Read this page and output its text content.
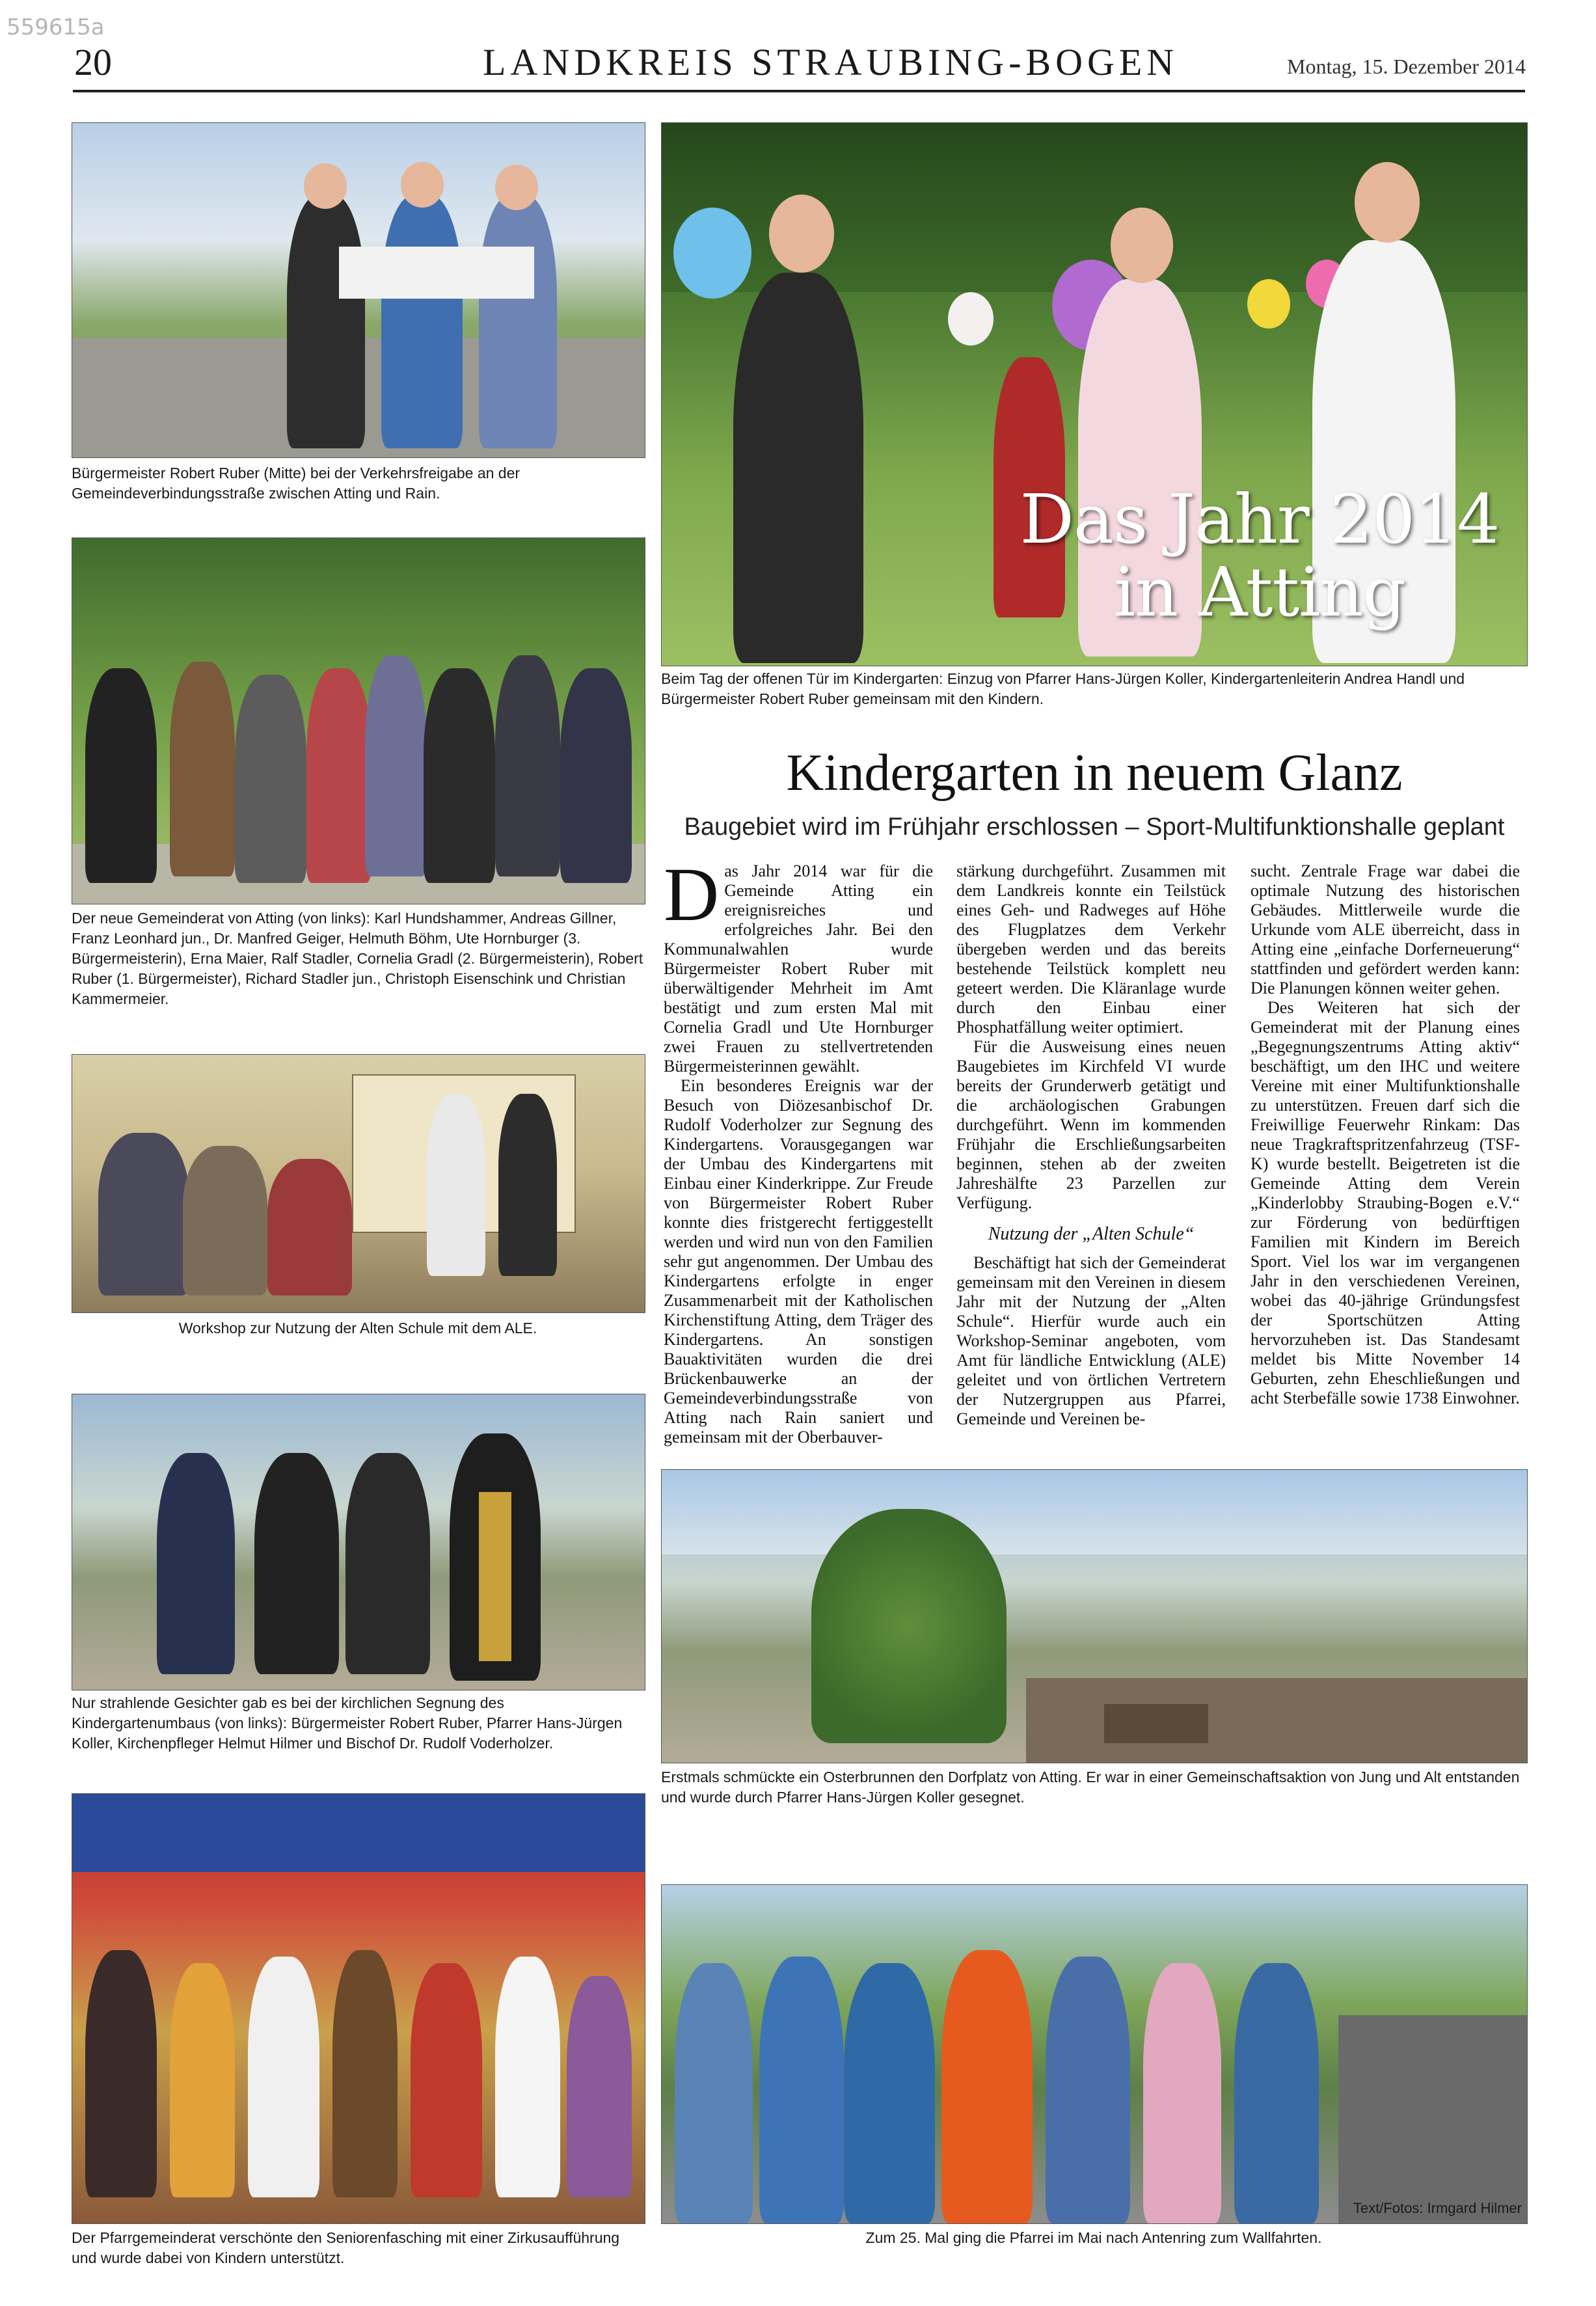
559615a
20	LANDKREIS STRAUBING-BOGEN	Montag, 15. Dezember 2014
Bürgermeister Robert Ruber (Mitte) bei der Verkehrsfreigabe an der Gemeindeverbindungsstraße zwischen Atting und Rain.
Der neue Gemeinderat von Atting (von links): Karl Hundshammer, Andreas Gillner, Franz Leonhard jun., Dr. Manfred Geiger, Helmuth Böhm, Ute Hornburger (3. Bürgermeisterin), Erna Maier, Ralf Stadler, Cornelia Gradl (2. Bürgermeisterin), Robert Ruber (1. Bürgermeister), Richard Stadler jun., Christoph Eisenschink und Christian Kammermeier.
Workshop zur Nutzung der Alten Schule mit dem ALE.
Nur strahlende Gesichter gab es bei der kirchlichen Segnung des Kindergartenumbaus (von links): Bürgermeister Robert Ruber, Pfarrer Hans-Jürgen Koller, Kirchenpfleger Helmut Hilmer und Bischof Dr. Rudolf Voderholzer.
Der Pfarrgemeinderat verschönte den Seniorenfasching mit einer Zirkusaufführung und wurde dabei von Kindern unterstützt.
Das Jahr 2014
in Atting
Beim Tag der offenen Tür im Kindergarten: Einzug von Pfarrer Hans-Jürgen Koller, Kindergartenleiterin Andrea Handl und Bürgermeister Robert Ruber gemeinsam mit den Kindern.
Kindergarten in neuem Glanz
Baugebiet wird im Frühjahr erschlossen – Sport-Multifunktionshalle geplant
D as Jahr 2014 war für die Gemeinde Atting ein ereignisreiches und erfolgreiches Jahr. Bei den Kommunalwahlen wurde Bürgermeister Robert Ruber mit überwältigender Mehrheit im Amt bestätigt und zum ersten Mal mit Cornelia Gradl und Ute Hornburger zwei Frauen zu stellvertretenden Bürgermeisterinnen gewählt.

Ein besonderes Ereignis war der Besuch von Diözesanbischof Dr. Rudolf Voderholzer zur Segnung des Kindergartens. Vorausgegangen war der Umbau des Kindergartens mit Einbau einer Kinderkrippe. Zur Freude von Bürgermeister Robert Ruber konnte dies fristgerecht fertiggestellt werden und wird nun von den Familien sehr gut angenommen. Der Umbau des Kindergartens erfolgte in enger Zusammenarbeit mit der Katholischen Kirchenstiftung Atting, dem Träger des Kindergartens. An sonstigen Bauaktivitäten wurden die drei Brückenbauwerke an der Gemeindeverbindungsstraße von Atting nach Rain saniert und gemeinsam mit der Oberbauver-

stärkung durchgeführt. Zusammen mit dem Landkreis konnte ein Teilstück eines Geh- und Radweges auf Höhe des Flugplatzes dem Verkehr übergeben werden und das bereits bestehende Teilstück komplett neu geteert werden. Die Kläranlage wurde durch den Einbau einer Phosphatfällung weiter optimiert.

Für die Ausweisung eines neuen Baugebietes im Kirchfeld VI wurde bereits der Grunderwerb getätigt und die archäologischen Grabungen durchgeführt. Wenn im kommenden Frühjahr die Erschließungsarbeiten beginnen, stehen ab der zweiten Jahreshälfte 23 Parzellen zur Verfügung.

Nutzung der „Alten Schule“

Beschäftigt hat sich der Gemeinderat gemeinsam mit den Vereinen in diesem Jahr mit der Nutzung der „Alten Schule“. Hierfür wurde auch ein Workshop-Seminar angeboten, vom Amt für ländliche Entwicklung (ALE) geleitet und von örtlichen Vertretern der Nutzergruppen aus Pfarrei, Gemeinde und Vereinen be-

sucht. Zentrale Frage war dabei die optimale Nutzung des historischen Gebäudes. Mittlerweile wurde die Urkunde vom ALE überreicht, dass in Atting eine „einfache Dorferneuerung“ stattfinden und gefördert werden kann: Die Planungen können weiter gehen.

Des Weiteren hat sich der Gemeinderat mit der Planung eines „Begegnungszentrums Atting aktiv“ beschäftigt, um den IHC und weitere Vereine mit einer Multifunktionshalle zu unterstützen. Freuen darf sich die Freiwillige Feuerwehr Rinkam: Das neue Tragkraftspritzenfahrzeug (TSF-K) wurde bestellt. Beigetreten ist die Gemeinde Atting dem Verein „Kinderlobby Straubing-Bogen e.V.“ zur Förderung von bedürftigen Familien mit Kindern im Bereich Sport. Viel los war im vergangenen Jahr in den verschiedenen Vereinen, wobei das 40-jährige Gründungsfest der Sportschützen Atting hervorzuheben ist. Das Standesamt meldet bis Mitte November 14 Geburten, zehn Eheschließungen und acht Sterbefälle sowie 1738 Einwohner.

Erstmals schmückte ein Osterbrunnen den Dorfplatz von Atting. Er war in einer Gemeinschaftsaktion von Jung und Alt entstanden und wurde durch Pfarrer Hans-Jürgen Koller gesegnet.
Text/Fotos: Irmgard Hilmer
Zum 25. Mal ging die Pfarrei im Mai nach Antenring zum Wallfahrten.
